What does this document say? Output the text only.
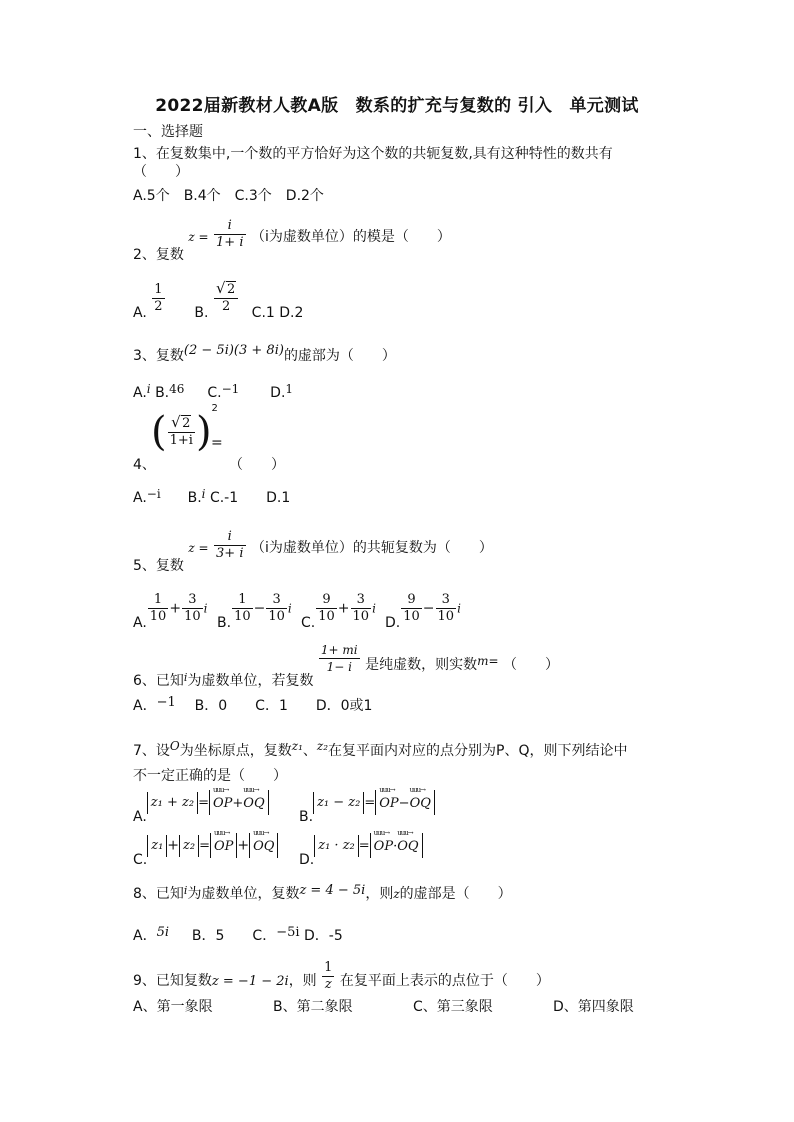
2022届新教材人教A版　数系的扩充与复数的 引入　单元测试
一、选择题
1、在复数集中,一个数的平方恰好为这个数的共轭复数,具有这种特性的数共有
（　　）
A.5个　B.4个　C.3个　D.2个
2、复数 $z = \frac{i}{1+ i} (i$为虚数单位）的模是（　　）
A. $\frac{1}{2} B$. $\frac{√ 2}{2} C.1$ D.2
3、复数(2 − 5i)(3 + 8i)的虚部为（　　）
A.i B.46 C.−1 D.1
4、
( $\frac{√ 2}{1+i} )^2$
=
（　　）
A.−i B.i C.-1　　D.1
5、复数 $z = \frac{i}{3+ i} (i$为虚数单位）的共轭复数为（　　）
A. $\frac{1}{10} + \frac{3}{10}$ i
B. $\frac{1}{10} - \frac{3}{10}$ i
C. $\frac{9}{10} + \frac{3}{10}$ i
D. $\frac{9}{10} - \frac{3}{10}$ i
6、已知$_i$为虚数单位，若复数
$\frac{1+ mi}{1- i}$ 是纯虚数，则实数m= （　　）
A．−1 B．0　　C．1　　D．0或1
7、设O为坐标原点，复数z₁、z₂在复平面内对应的点分别为P、Q，则下列结论中
不一定正确的是（　　）
A.z₁ + z₂ = uuu→ OP+uuu→ OQ
B.z₁ − z₂ = uuu→ OP−uuu→ OQ
C.z₁ + z₂ = uuu→ OP + uuu→ OQ
D.z₁ · z₂ = uuu→ OP·uuu→ OQ
8、已知$^i$为虚数单位，复数z = 4 − 5i，则z的虚部是（　　）
A．5i B．5　　C．−5i D．-5
9、已知复数z = −1 − 2i，则 $\frac{1}{z}$ 在复平面上表示的点位于（　　）
A、第一象限	B、第二象限	C、第三象限	D、第四象限
